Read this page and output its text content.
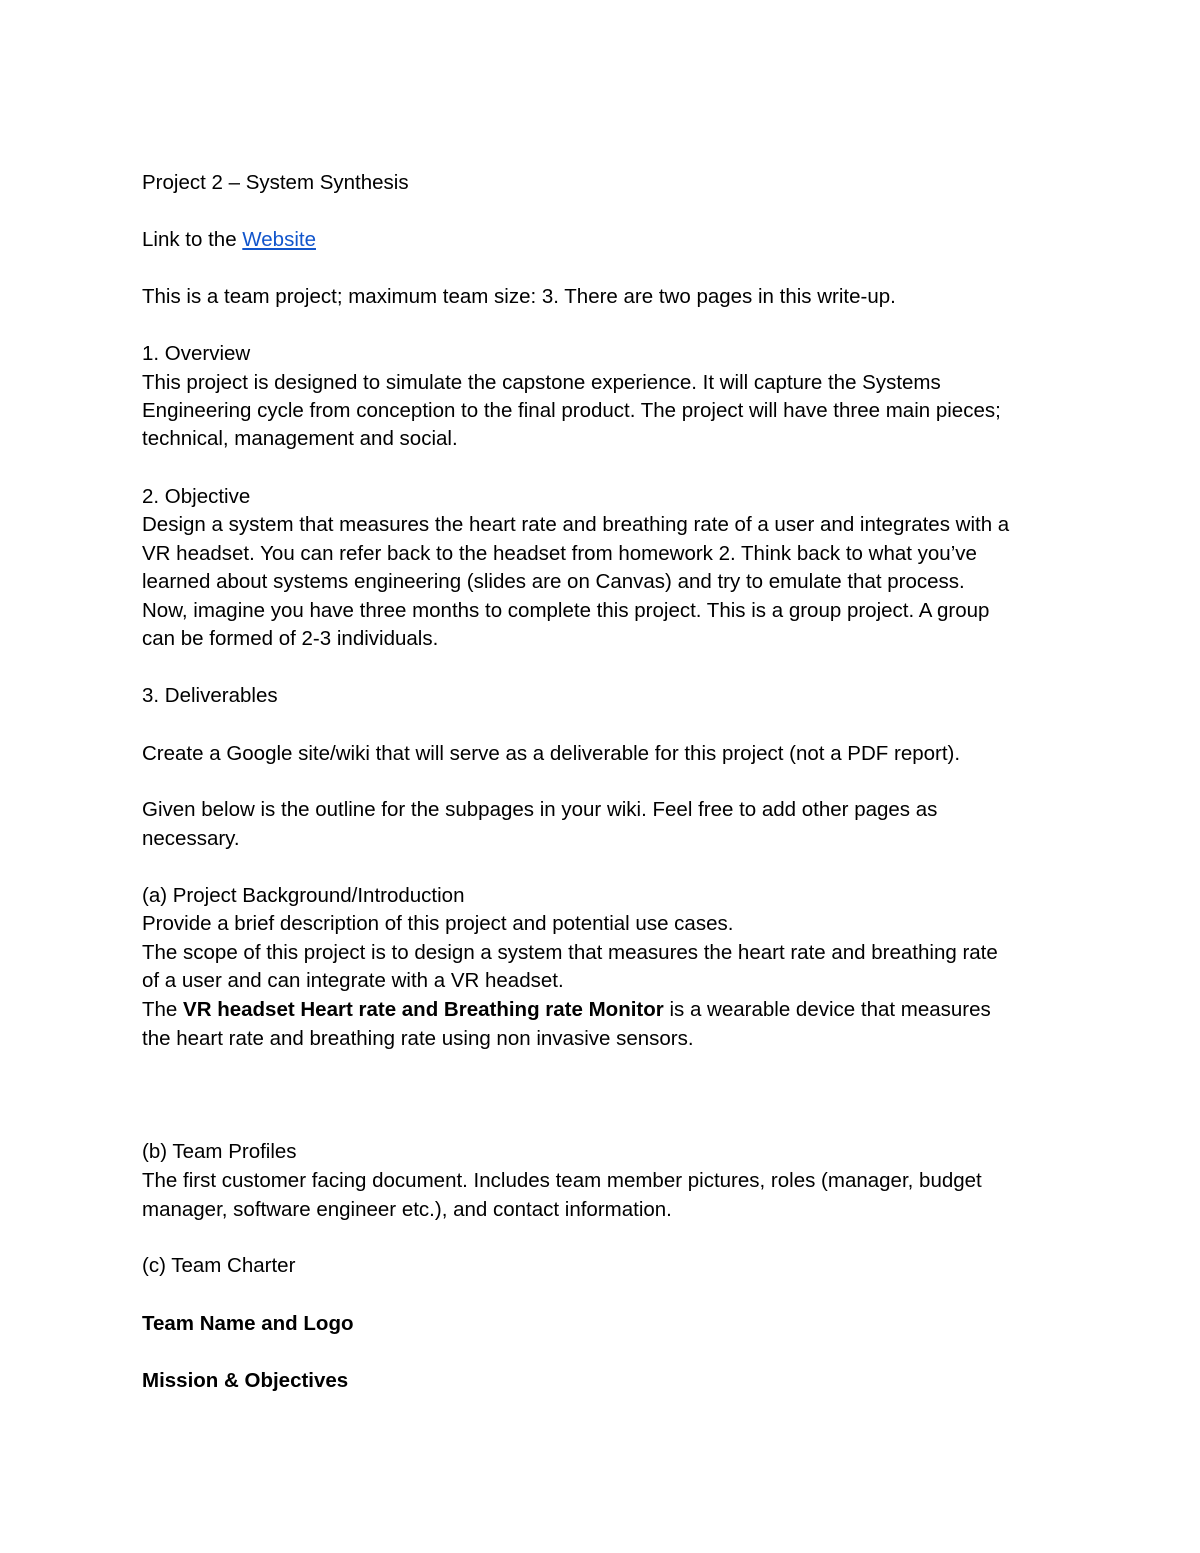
Project 2 – System Synthesis

Link to the Website

This is a team project; maximum team size: 3. There are two pages in this write-up.

1. Overview

This project is designed to simulate the capstone experience. It will capture the Systems

Engineering cycle from conception to the final product. The project will have three main pieces;

technical, management and social.

2. Objective

Design a system that measures the heart rate and breathing rate of a user and integrates with a

VR headset. You can refer back to the headset from homework 2. Think back to what you’ve

learned about systems engineering (slides are on Canvas) and try to emulate that process.

Now, imagine you have three months to complete this project. This is a group project. A group

can be formed of 2-3 individuals.

3. Deliverables

Create a Google site/wiki that will serve as a deliverable for this project (not a PDF report).

Given below is the outline for the subpages in your wiki. Feel free to add other pages as

necessary.

(a) Project Background/Introduction

Provide a brief description of this project and potential use cases.

The scope of this project is to design a system that measures the heart rate and breathing rate

of a user and can integrate with a VR headset.

The VR headset Heart rate and Breathing rate Monitor is a wearable device that measures

the heart rate and breathing rate using non invasive sensors.

(b) Team Profiles

The first customer facing document. Includes team member pictures, roles (manager, budget

manager, software engineer etc.), and contact information.

(c) Team Charter

Team Name and Logo

Mission & Objectives
